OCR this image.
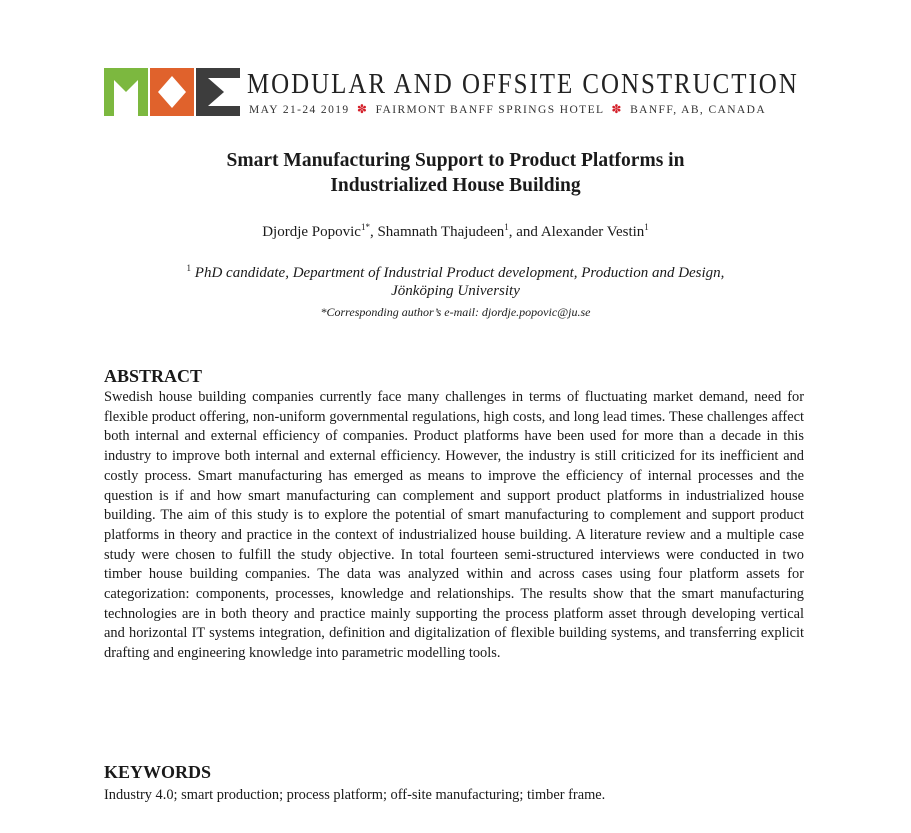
MODULAR AND OFFSITE CONSTRUCTION
MAY 21-24 2019 ✽ FAIRMONT BANFF SPRINGS HOTEL ✽ BANFF, AB, CANADA
Smart Manufacturing Support to Product Platforms in
Industrialized House Building
Djordje Popovic$^{1*}$, Shamnath Thajudeen$^1$, and Alexander Vestin$^1$
$^1$ PhD candidate, Department of Industrial Product development, Production and Design,
Jönköping University
*Corresponding author’s e-mail: djordje.popovic@ju.se
ABSTRACT
Swedish house building companies currently face many challenges in terms of fluctuating market demand, need for flexible product offering, non-uniform governmental regulations, high costs, and long lead times. These challenges affect both internal and external efficiency of companies. Product platforms have been used for more than a decade in this industry to improve both internal and external efficiency. However, the industry is still criticized for its inefficient and costly process. Smart manufacturing has emerged as means to improve the efficiency of internal processes and the question is if and how smart manufacturing can complement and support product platforms in industrialized house building. The aim of this study is to explore the potential of smart manufacturing to complement and support product platforms in theory and practice in the context of industrialized house building. A literature review and a multiple case study were chosen to fulfill the study objective. In total fourteen semi-structured interviews were conducted in two timber house building companies. The data was analyzed within and across cases using four platform assets for categorization: components, processes, knowledge and relationships. The results show that the smart manufacturing technologies are in both theory and practice mainly supporting the process platform asset through developing vertical and horizontal IT systems integration, definition and digitalization of flexible building systems, and transferring explicit drafting and engineering knowledge into parametric modelling tools.
KEYWORDS
Industry 4.0; smart production; process platform; off-site manufacturing; timber frame.
